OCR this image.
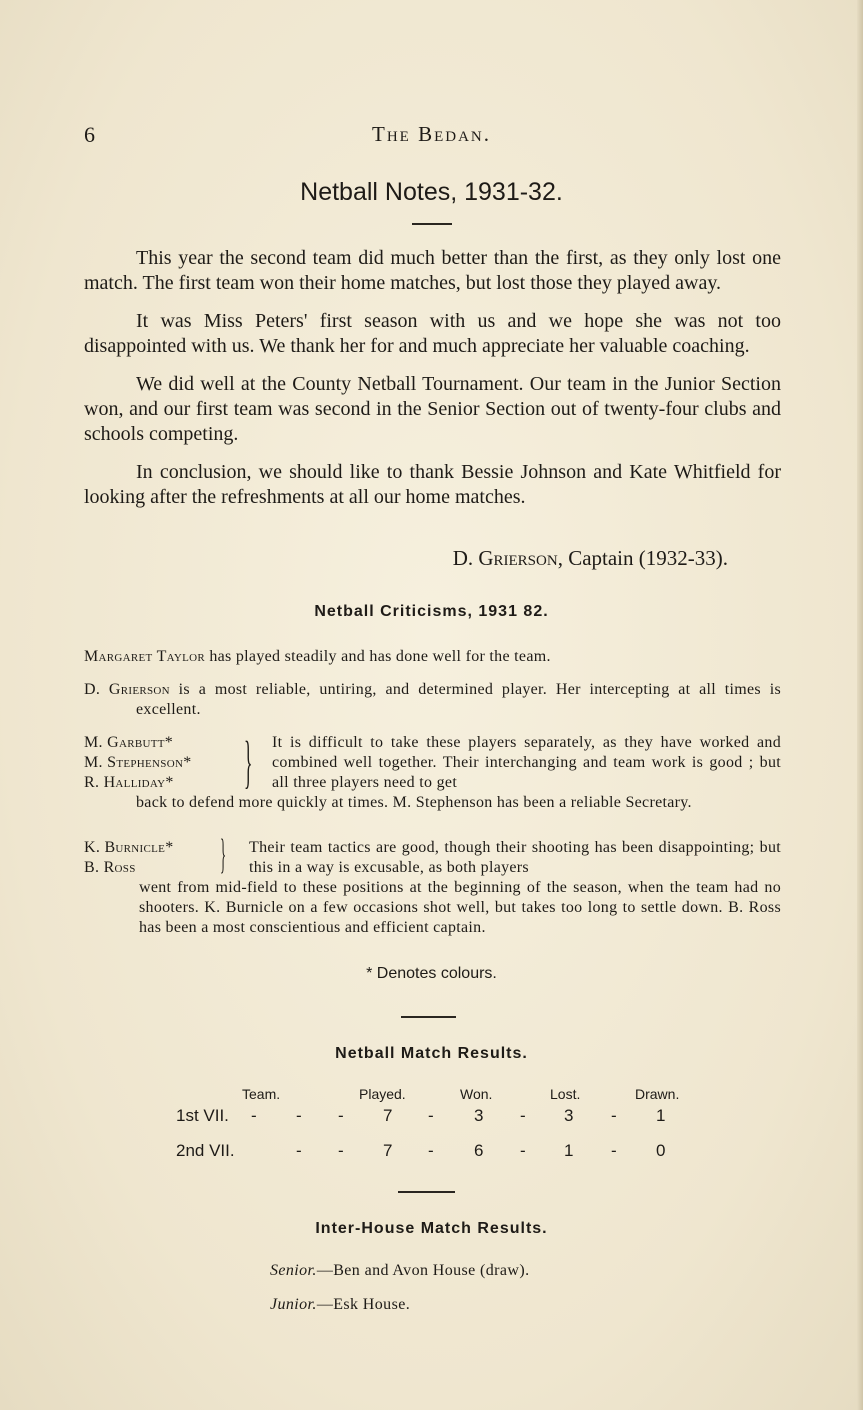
6	The Bedan.
Netball Notes, 1931-32.

This year the second team did much better than the first, as they only lost one match. The first team won their home matches, but lost those they played away.

It was Miss Peters' first season with us and we hope she was not too disappointed with us. We thank her for and much appreciate her valuable coaching.

We did well at the County Netball Tournament. Our team in the Junior Section won, and our first team was second in the Senior Section out of twenty-four clubs and schools competing.

In conclusion, we should like to thank Bessie Johnson and Kate Whitfield for looking after the refreshments at all our home matches.

D. Grierson, Captain (1932-33).
Netball Criticisms, 1931 82.

Margaret Taylor has played steadily and has done well for the team.

D. Grierson is a most reliable, untiring, and determined player. Her intercepting at all times is excellent.

M. Garbutt*
M. Stephenson*
R. Halliday*	} It is difficult to take these players separately, as they have worked and combined well together. Their interchanging and team work is good ; but all three players need to get
back to defend more quickly at times. M. Stephenson has been a reliable Secretary.
K. Burnicle*
B. Ross	} Their team tactics are good, though their shooting has been disappointing; but this in a way is excusable, as both players
went from mid-field to these positions at the beginning of the season, when the team had no shooters. K. Burnicle on a few occasions shot well, but takes too long to settle down. B. Ross has been a most conscientious and efficient captain.
* Denotes colours.
Netball Match Results.
Team.	Played.	Won.	Lost.	Drawn.
1st VII. - - - 7 - 3 - 3 - 1
2nd VII.	- - 7 - 6 - 1 - 0
Inter-House Match Results.
Senior.—Ben and Avon House (draw).
Junior.—Esk House.
